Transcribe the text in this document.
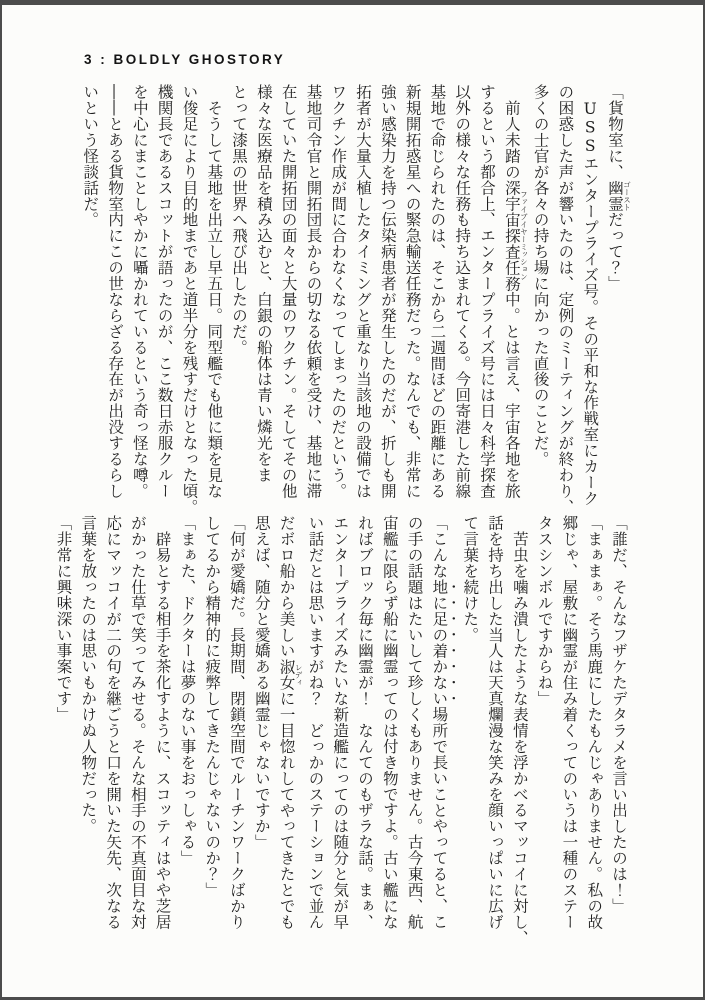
3 : BOLDLY GHOSTORY

「貨物室に、幽霊ゴーストだって？」

　USSエンタープライズ号。その平和な作戦室にカーク

の困惑した声が響いたのは、定例のミーティングが終わり、

多くの士官が各々の持ち場に向かった直後のことだ。

　前人未踏の深宇宙探査任務ファイブイヤーミッション中。とは言え、宇宙各地を旅

するという都合上、エンタープライズ号には日々科学探査

以外の様々な任務も持ち込まれてくる。今回寄港した前線

基地で命じられたのは、そこから二週間ほどの距離にある

新規開拓惑星への緊急輸送任務だった。なんでも、非常に

強い感染力を持つ伝染病患者が発生したのだが、折しも開

拓者が大量入植したタイミングと重なり当該地の設備では

ワクチン作成が間に合わなくなってしまったのだという。

基地司令官と開拓団長からの切なる依頼を受け、基地に滞

在していた開拓団の面々と大量のワクチン。そしてその他

様々な医療品を積み込むと、白銀の船体は青い燐光をま

とって漆黒の世界へ飛び出したのだ。

　そうして基地を出立し早五日。同型艦でも他に類を見な

い俊足により目的地まであと道半分を残すだけとなった頃。

機関長であるスコットが語ったのが、ここ数日赤服クルー

を中心にまことしやかに囁かれているという奇っ怪な噂。

――とある貨物室内にこの世ならざる存在が出没するらし

いという怪談話だ。

「誰だ、そんなフザケたデタラメを言い出したのは！」

「まぁまぁ。そう馬鹿にしたもんじゃありません。私の故

郷じゃ、屋敷に幽霊が住み着くってのいうは一種のステー

タスシンボルですからね」

　苦虫を噛み潰したような表情を浮かべるマッコイに対し、

話を持ち出した当人は天真爛漫な笑みを顔いっぱいに広げ

て言葉を続けた。

「こんな地に足の着かない場所で長いことやってると、こ

の手の話題はたいして珍しくもありません。古今東西、航

宙艦に限らず船に幽霊ってのは付き物ですよ。古い艦にな

ればブロック毎に幽霊が！　なんてのもザラな話。まぁ、

エンタープライズみたいな新造艦にってのは随分と気が早

い話だとは思いますがね？　どっかのステーションで並ん

だボロ船から美しい淑女レディに一目惚れしてやってきたとでも

思えば、随分と愛嬌ある幽霊じゃないですか」

「何が愛嬌だ。長期間、閉鎖空間でルーチンワークばかり

してるから精神的に疲弊してきたんじゃないのか？」

「まぁた、ドクターは夢のない事をおっしゃる」

　辟易とする相手を茶化すように、スコッティはやや芝居

がかった仕草で笑ってみせる。そんな相手の不真面目な対

応にマッコイが二の句を継ごうと口を開いた矢先、次なる

言葉を放ったのは思いもかけぬ人物だった。

「非常に興味深い事案です」
